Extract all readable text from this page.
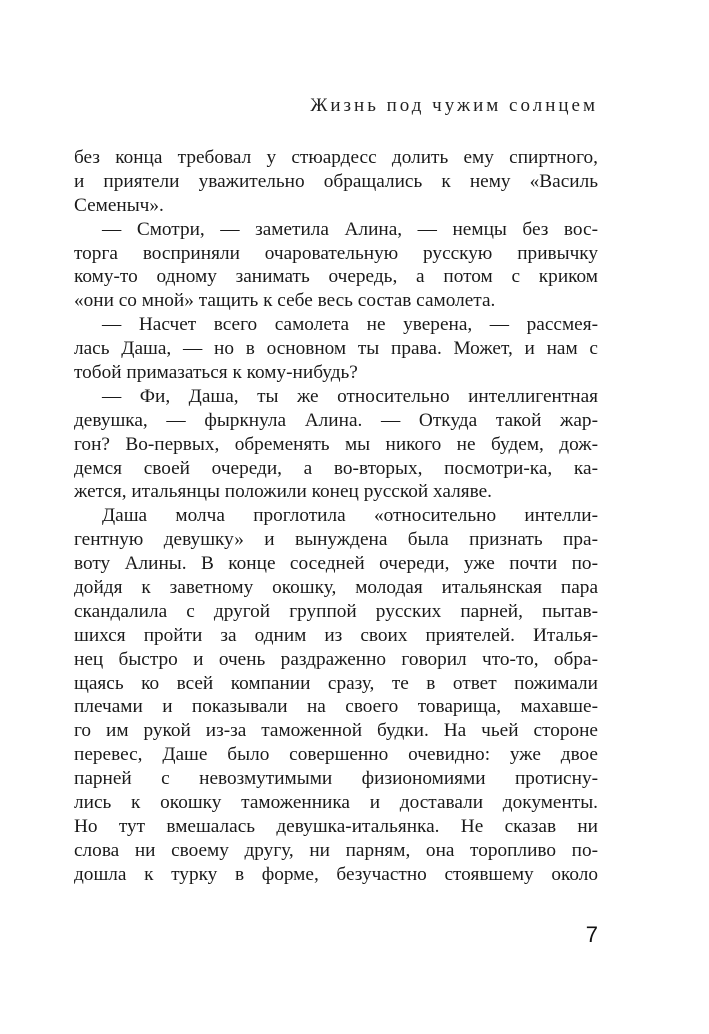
Жизнь под чужим солнцем
без конца требовал у стюардесс долить ему спиртного,
и приятели уважительно обращались к нему «Василь
Семеныч».
— Смотри, — заметила Алина, — немцы без вос-
торга восприняли очаровательную русскую привычку
кому-то одному занимать очередь, а потом с криком
«они со мной» тащить к себе весь состав самолета.
— Насчет всего самолета не уверена, — рассмея-
лась Даша, — но в основном ты права. Может, и нам с
тобой примазаться к кому-нибудь?
— Фи, Даша, ты же относительно интеллигентная
девушка, — фыркнула Алина. — Откуда такой жар-
гон? Во-первых, обременять мы никого не будем, дож-
демся своей очереди, а во-вторых, посмотри-ка, ка-
жется, итальянцы положили конец русской халяве.
Даша молча проглотила «относительно интелли-
гентную девушку» и вынуждена была признать пра-
воту Алины. В конце соседней очереди, уже почти по-
дойдя к заветному окошку, молодая итальянская пара
скандалила с другой группой русских парней, пытав-
шихся пройти за одним из своих приятелей. Италья-
нец быстро и очень раздраженно говорил что-то, обра-
щаясь ко всей компании сразу, те в ответ пожимали
плечами и показывали на своего товарища, махавше-
го им рукой из-за таможенной будки. На чьей стороне
перевес, Даше было совершенно очевидно: уже двое
парней с невозмутимыми физиономиями протисну-
лись к окошку таможенника и доставали документы.
Но тут вмешалась девушка-итальянка. Не сказав ни
слова ни своему другу, ни парням, она торопливо по-
дошла к турку в форме, безучастно стоявшему около
7
